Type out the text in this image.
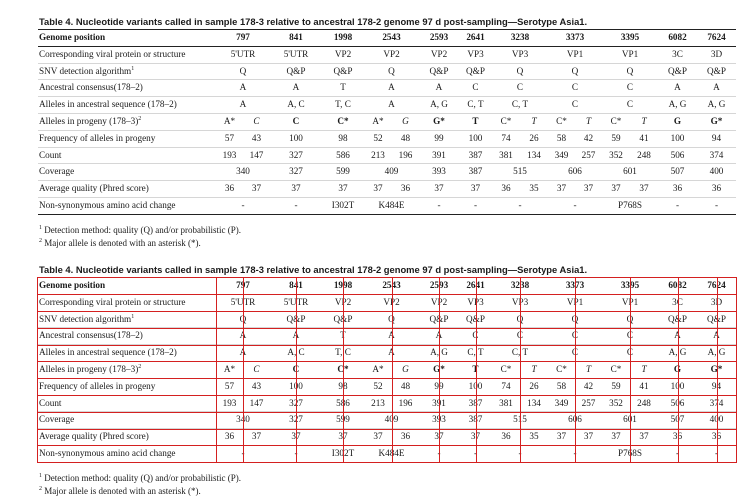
Table 4. Nucleotide variants called in sample 178-3 relative to ancestral 178-2 genome 97 d post-sampling—Serotype Asia1.
Genome position	797		841	1998	2543		2593	2641	3238		3373		3395		6082	7624
Corresponding viral protein or structure	5'UTR		5'UTR	VP2	VP2		VP2	VP3	VP3		VP1		VP1		3C	3D
SNV detection algorithm$^1$	Q		Q&P	Q&P	Q		Q&P	Q&P	Q		Q		Q		Q&P	Q&P
Ancestral consensus(178–2)	A		A	T	A		A	C	C		C		C		A	A
Alleles in ancestral sequence (178–2)	A		A, C	T, C	A		A, G	C, T	C, T		C		C		A, G	A, G
Alleles in progeny $(178-3)^2$	A*	C	C	C*	A*	G	G*	T	C*	T	C*	T	C*	T	G	G*
Frequency of alleles in progeny	57	43	100	98	52	48	99	100	74	26	58	42	59	41	100	94
Count	193	147	327	586	213	196	391	387	381	134	349	257	352	248	506	374
Coverage	340		327	599	409		393	387	515		606		601		507	400
Average quality (Phred score)	36	37	37	37	37	36	37	37	36	35	37	37	37	37	36	36
Non-synonymous amino acid change	-		-	I302T	K484E		-	-	-		-		P768S		-	-
$^1$ Detection method: quality (Q) and/or probabilistic (P).
$^2$ Major allele is denoted with an asterisk (*).
Table 4. Nucleotide variants called in sample 178-3 relative to ancestral 178-2 genome 97 d post-sampling—Serotype Asia1.
Genome position	797		841	1998	2543		2593	2641	3238		3373		3395		6082	7624
Corresponding viral protein or structure	5'UTR		5'UTR	VP2	VP2		VP2	VP3	VP3		VP1		VP1		3C	3D
SNV detection algorithm$^1$	Q		Q&P	Q&P	Q		Q&P	Q&P	Q		Q		Q		Q&P	Q&P
Ancestral consensus(178–2)	A		A	T	A		A	C	C		C		C		A	A
Alleles in ancestral sequence (178–2)	A		A, C	T, C	A		A, G	C, T	C, T		C		C		A, G	A, G
Alleles in progeny $(178-3)^2$	A*	C	C	C*	A*	G	G*	T	C*	T	C*	T	C*	T	G	G*
Frequency of alleles in progeny	57	43	100	98	52	48	99	100	74	26	58	42	59	41	100	94
Count	193	147	327	586	213	196	391	387	381	134	349	257	352	248	506	374
Coverage	340		327	599	409		393	387	515		606		601		507	400
Average quality (Phred score)	36	37	37	37	37	36	37	37	36	35	37	37	37	37	36	36
Non-synonymous amino acid change	-		-	I302T	K484E		-	-	-		-		P768S		-	-
$^1$ Detection method: quality (Q) and/or probabilistic (P).
$^2$ Major allele is denoted with an asterisk (*).
